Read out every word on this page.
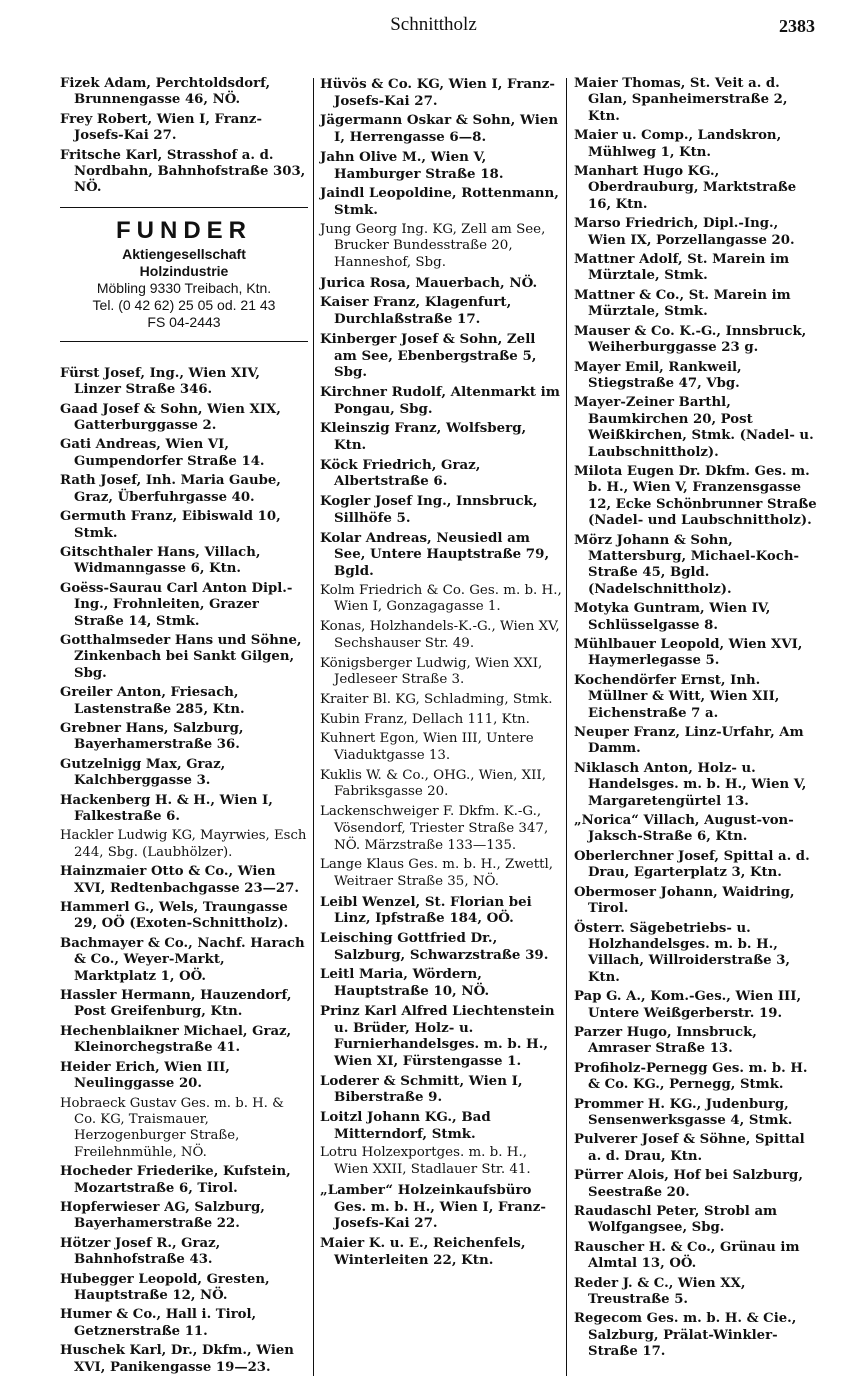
Schnittholz	2383

Fizek Adam, Perchtoldsdorf, Brunnengasse 46, NÖ.

Frey Robert, Wien I, Franz-Josefs-Kai 27.

Fritsche Karl, Strasshof a. d. Nordbahn, Bahnhofstraße 303, NÖ.

FUNDER
Aktiengesellschaft
Holzindustrie
Möbling 9330 Treibach, Ktn.
Tel. (0 42 62) 25 05 od. 21 43
FS 04-2443

Fürst Josef, Ing., Wien XIV, Linzer Straße 346.

Gaad Josef & Sohn, Wien XIX, Gatterburggasse 2.

Gati Andreas, Wien VI, Gumpendorfer Straße 14.

Rath Josef, Inh. Maria Gaube, Graz, Überfuhrgasse 40.

Germuth Franz, Eibiswald 10, Stmk.

Gitschthaler Hans, Villach, Widmanngasse 6, Ktn.

Goëss-Saurau Carl Anton Dipl.-Ing., Frohnleiten, Grazer Straße 14, Stmk.

Gotthalmseder Hans und Söhne, Zinkenbach bei Sankt Gilgen, Sbg.

Greiler Anton, Friesach, Lastenstraße 285, Ktn.

Grebner Hans, Salzburg, Bayerhamerstraße 36.

Gutzelnigg Max, Graz, Kalchberggasse 3.

Hackenberg H. & H., Wien I, Falkestraße 6.

Hackler Ludwig KG, Mayrwies, Esch 244, Sbg. (Laubhölzer).

Hainzmaier Otto & Co., Wien XVI, Redtenbachgasse 23—27.

Hammerl G., Wels, Traungasse 29, OÖ (Exoten-Schnittholz).

Bachmayer & Co., Nachf. Harach & Co., Weyer-Markt, Marktplatz 1, OÖ.

Hassler Hermann, Hauzendorf, Post Greifenburg, Ktn.

Hechenblaikner Michael, Graz, Kleinorchegstraße 41.

Heider Erich, Wien III, Neulinggasse 20.

Hobraeck Gustav Ges. m. b. H. & Co. KG, Traismauer, Herzogenburger Straße, Freilehnmühle, NÖ.

Hocheder Friederike, Kufstein, Mozartstraße 6, Tirol.

Hopferwieser AG, Salzburg, Bayerhamerstraße 22.

Hötzer Josef R., Graz, Bahnhofstraße 43.

Hubegger Leopold, Gresten, Hauptstraße 12, NÖ.

Humer & Co., Hall i. Tirol, Getznerstraße 11.

Huschek Karl, Dr., Dkfm., Wien XVI, Panikengasse 19—23.

Hüvös & Co. KG, Wien I, Franz-Josefs-Kai 27.

Jägermann Oskar & Sohn, Wien I, Herrengasse 6—8.

Jahn Olive M., Wien V, Hamburger Straße 18.

Jaindl Leopoldine, Rottenmann, Stmk.

Jung Georg Ing. KG, Zell am See, Brucker Bundesstraße 20, Hanneshof, Sbg.

Jurica Rosa, Mauerbach, NÖ.

Kaiser Franz, Klagenfurt, Durchlaßstraße 17.

Kinberger Josef & Sohn, Zell am See, Ebenbergstraße 5, Sbg.

Kirchner Rudolf, Altenmarkt im Pongau, Sbg.

Kleinszig Franz, Wolfsberg, Ktn.

Köck Friedrich, Graz, Albertstraße 6.

Kogler Josef Ing., Innsbruck, Sillhöfe 5.

Kolar Andreas, Neusiedl am See, Untere Hauptstraße 79, Bgld.

Kolm Friedrich & Co. Ges. m. b. H., Wien I, Gonzagagasse 1.

Konas, Holzhandels-K.-G., Wien XV, Sechshauser Str. 49.

Königsberger Ludwig, Wien XXI, Jedleseer Straße 3.

Kraiter Bl. KG, Schladming, Stmk.

Kubin Franz, Dellach 111, Ktn.

Kuhnert Egon, Wien III, Untere Viaduktgasse 13.

Kuklis W. & Co., OHG., Wien, XII, Fabriksgasse 20.

Lackenschweiger F. Dkfm. K.-G., Vösendorf, Triester Straße 347, NÖ. Märzstraße 133—135.

Lange Klaus Ges. m. b. H., Zwettl, Weitraer Straße 35, NÖ.

Leibl Wenzel, St. Florian bei Linz, Ipfstraße 184, OÖ.

Leisching Gottfried Dr., Salzburg, Schwarzstraße 39.

Leitl Maria, Wördern, Hauptstraße 10, NÖ.

Prinz Karl Alfred Liechtenstein u. Brüder, Holz- u. Furnierhandelsges. m. b. H., Wien XI, Fürstengasse 1.

Loderer & Schmitt, Wien I, Biberstraße 9.

Loitzl Johann KG., Bad Mitterndorf, Stmk.

Lotru Holzexportges. m. b. H., Wien XXII, Stadlauer Str. 41.

„Lamber“ Holzeinkaufsbüro Ges. m. b. H., Wien I, Franz-Josefs-Kai 27.

Maier K. u. E., Reichenfels, Winterleiten 22, Ktn.

Maier Thomas, St. Veit a. d. Glan, Spanheimerstraße 2, Ktn.

Maier u. Comp., Landskron, Mühlweg 1, Ktn.

Manhart Hugo KG., Oberdrauburg, Marktstraße 16, Ktn.

Marso Friedrich, Dipl.-Ing., Wien IX, Porzellangasse 20.

Mattner Adolf, St. Marein im Mürztale, Stmk.

Mattner & Co., St. Marein im Mürztale, Stmk.

Mauser & Co. K.-G., Innsbruck, Weiherburggasse 23 g.

Mayer Emil, Rankweil, Stiegstraße 47, Vbg.

Mayer-Zeiner Barthl, Baumkirchen 20, Post Weißkirchen, Stmk. (Nadel- u. Laubschnittholz).

Milota Eugen Dr. Dkfm. Ges. m. b. H., Wien V, Franzensgasse 12, Ecke Schönbrunner Straße (Nadel- und Laubschnittholz).

Mörz Johann & Sohn, Mattersburg, Michael-Koch-Straße 45, Bgld. (Nadelschnittholz).

Motyka Guntram, Wien IV, Schlüsselgasse 8.

Mühlbauer Leopold, Wien XVI, Haymerlegasse 5.

Kochendörfer Ernst, Inh. Müllner & Witt, Wien XII, Eichenstraße 7 a.

Neuper Franz, Linz-Urfahr, Am Damm.

Niklasch Anton, Holz- u. Handelsges. m. b. H., Wien V, Margaretengürtel 13.

„Norica“ Villach, August-von-Jaksch-Straße 6, Ktn.

Oberlerchner Josef, Spittal a. d. Drau, Egarterplatz 3, Ktn.

Obermoser Johann, Waidring, Tirol.

Österr. Sägebetriebs- u. Holzhandelsges. m. b. H., Villach, Willroiderstraße 3, Ktn.

Pap G. A., Kom.-Ges., Wien III, Untere Weißgerberstr. 19.

Parzer Hugo, Innsbruck, Amraser Straße 13.

Profiholz-Pernegg Ges. m. b. H. & Co. KG., Pernegg, Stmk.

Prommer H. KG., Judenburg, Sensenwerksgasse 4, Stmk.

Pulverer Josef & Söhne, Spittal a. d. Drau, Ktn.

Pürrer Alois, Hof bei Salzburg, Seestraße 20.

Raudaschl Peter, Strobl am Wolfgangsee, Sbg.

Rauscher H. & Co., Grünau im Almtal 13, OÖ.

Reder J. & C., Wien XX, Treustraße 5.

Regecom Ges. m. b. H. & Cie., Salzburg, Prälat-Winkler-Straße 17.
